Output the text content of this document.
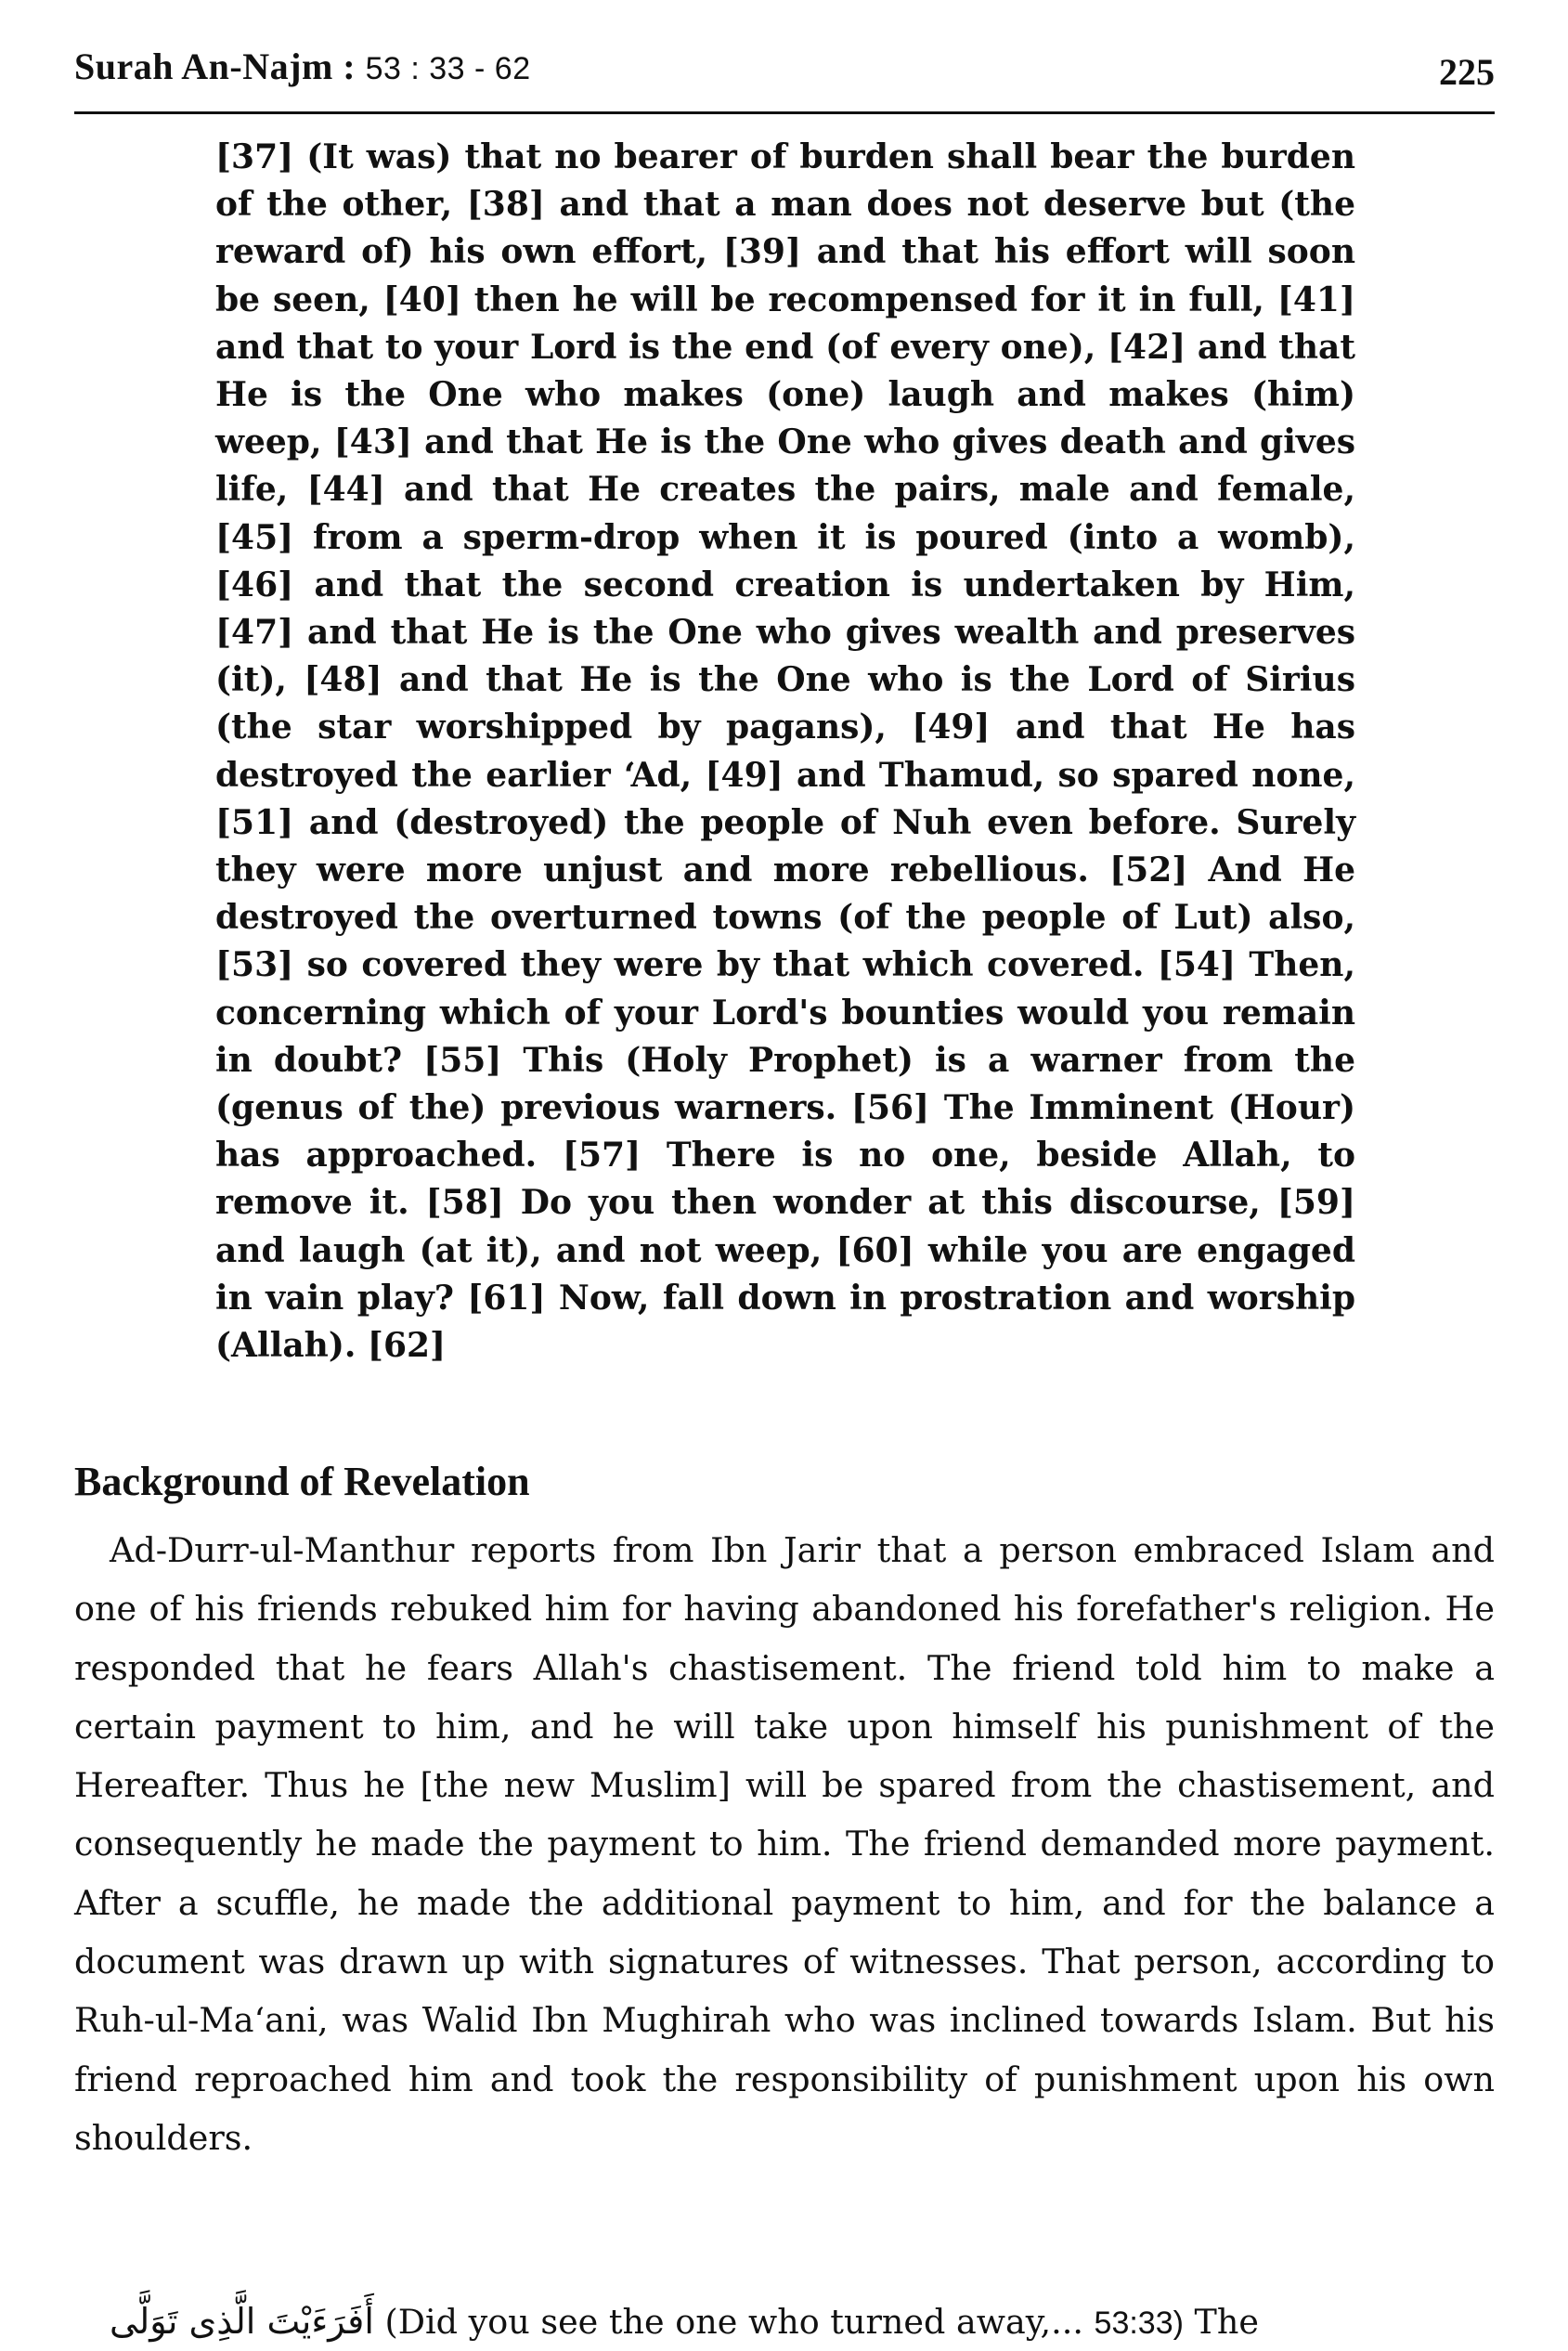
Surah An-Najm : 53 : 33 - 62	225

[37] (It was) that no bearer of burden shall bear the burden of the other, [38] and that a man does not deserve but (the reward of) his own effort, [39] and that his effort will soon be seen, [40] then he will be recompensed for it in full, [41] and that to your Lord is the end (of every one), [42] and that He is the One who makes (one) laugh and makes (him) weep, [43] and that He is the One who gives death and gives life, [44] and that He creates the pairs, male and female, [45] from a sperm-drop when it is poured (into a womb), [46] and that the second creation is undertaken by Him, [47] and that He is the One who gives wealth and preserves (it), [48] and that He is the One who is the Lord of Sirius (the star worshipped by pagans), [49] and that He has destroyed the earlier ‘Ad, [49] and Thamud, so spared none, [51] and (destroyed) the people of Nuh even before. Surely they were more unjust and more rebellious. [52] And He destroyed the overturned towns (of the people of Lut) also, [53] so covered they were by that which covered. [54] Then, concerning which of your Lord's bounties would you remain in doubt? [55] This (Holy Prophet) is a warner from the (genus of the) previous warners. [56] The Imminent (Hour) has approached. [57] There is no one, beside Allah, to remove it. [58] Do you then wonder at this discourse, [59] and laugh (at it), and not weep, [60] while you are engaged in vain play? [61] Now, fall down in prostration and worship (Allah). [62]

Background of Revelation

Ad-Durr-ul-Manthur reports from Ibn Jarir that a person embraced Islam and one of his friends rebuked him for having abandoned his forefather's religion. He responded that he fears Allah's chastisement. The friend told him to make a certain payment to him, and he will take upon himself his punishment of the Hereafter. Thus he [the new Muslim] will be spared from the chastisement, and consequently he made the payment to him. The friend demanded more payment. After a scuffle, he made the additional payment to him, and for the balance a document was drawn up with signatures of witnesses. That person, according to Ruh-ul-Ma‘ani, was Walid Ibn Mughirah who was inclined towards Islam. But his friend reproached him and took the responsibility of punishment upon his own shoulders.

أَفَرَءَيْتَ الَّذِى تَوَلَّى (Did you see the one who turned away,... 53:33) The
